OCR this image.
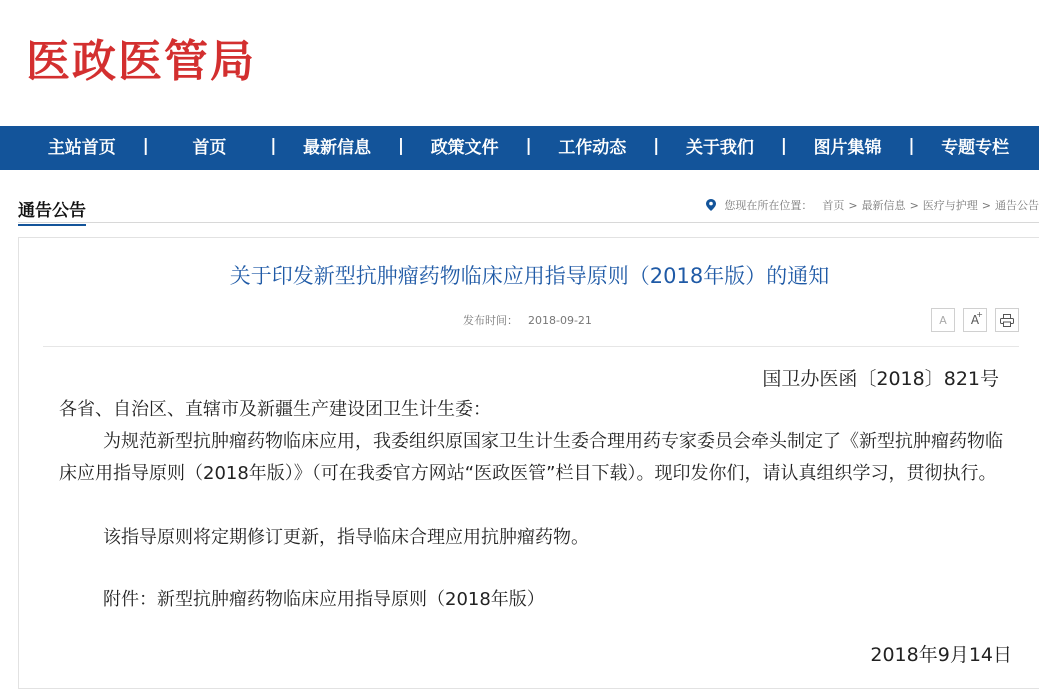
医政医管局
主站首页	|	首页	|	最新信息	|	政策文件	|	工作动态	|	关于我们	|	图片集锦	|	专题专栏
通告公告	您现在所在位置： 首页 > 最新信息 > 医疗与护理 > 通告公告
关于印发新型抗肿瘤药物临床应用指导原则（2018年版）的通知
发布时间： 2018-09-21	A A
+
国卫办医函〔2018〕821号
各省、自治区、直辖市及新疆生产建设团卫生计生委：
为规范新型抗肿瘤药物临床应用，我委组织原国家卫生计生委合理用药专家委员会牵头制定了《新型抗肿瘤药物临床应用指导原则（2018年版）》（可在我委官方网站“医政医管”栏目下载）。现印发你们，请认真组织学习，贯彻执行。
该指导原则将定期修订更新，指导临床合理应用抗肿瘤药物。
附件：新型抗肿瘤药物临床应用指导原则（2018年版）
2018年9月14日
